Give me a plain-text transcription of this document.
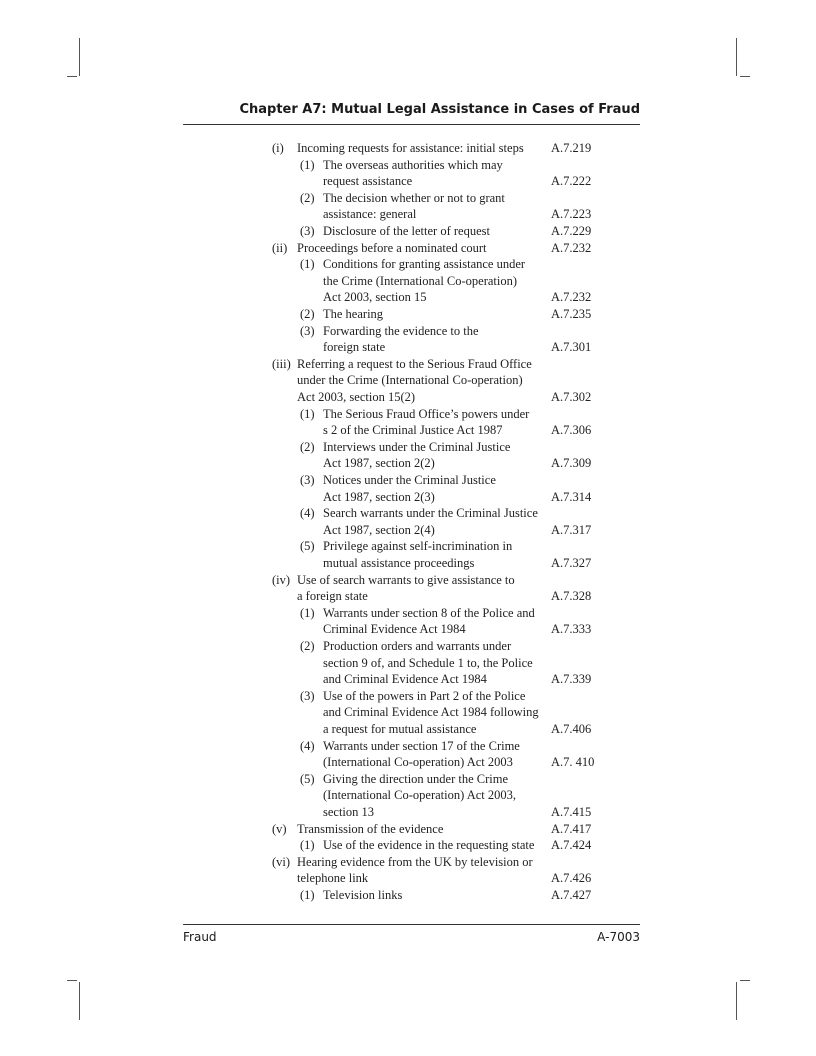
Chapter A7: Mutual Legal Assistance in Cases of Fraud
(i) Incoming requests for assistance: initial steps A.7.219
(1) The overseas authorities which may
request assistance	A.7.222
(2) The decision whether or not to grant
assistance: general	A.7.223
(3) Disclosure of the letter of request	A.7.229
(ii) Proceedings before a nominated court	A.7.232
(1) Conditions for granting assistance under
the Crime (International Co-operation)
Act 2003, section 15	A.7.232
(2) The hearing	A.7.235
(3) Forwarding the evidence to the
foreign state	A.7.301
(iii) Referring a request to the Serious Fraud Office
under the Crime (International Co-operation)
Act 2003, section 15(2)	A.7.302
(1) The Serious Fraud Office’s powers under
s 2 of the Criminal Justice Act 1987	A.7.306
(2) Interviews under the Criminal Justice
Act 1987, section 2(2)	A.7.309
(3) Notices under the Criminal Justice
Act 1987, section 2(3)	A.7.314
(4) Search warrants under the Criminal Justice
Act 1987, section 2(4)	A.7.317
(5) Privilege against self-incrimination in
mutual assistance proceedings	A.7.327
(iv) Use of search warrants to give assistance to
a foreign state	A.7.328
(1) Warrants under section 8 of the Police and
Criminal Evidence Act 1984	A.7.333
(2) Production orders and warrants under
section 9 of, and Schedule 1 to, the Police
and Criminal Evidence Act 1984	A.7.339
(3) Use of the powers in Part 2 of the Police
and Criminal Evidence Act 1984 following
a request for mutual assistance	A.7.406
(4) Warrants under section 17 of the Crime
(International Co-operation) Act 2003	A.7. 410
(5) Giving the direction under the Crime
(International Co-operation) Act 2003,
section 13	A.7.415
(v) Transmission of the evidence	A.7.417
(1) Use of the evidence in the requesting state A.7.424
(vi) Hearing evidence from the UK by television or
telephone link	A.7.426
(1) Television links	A.7.427
Fraud	A-7003
